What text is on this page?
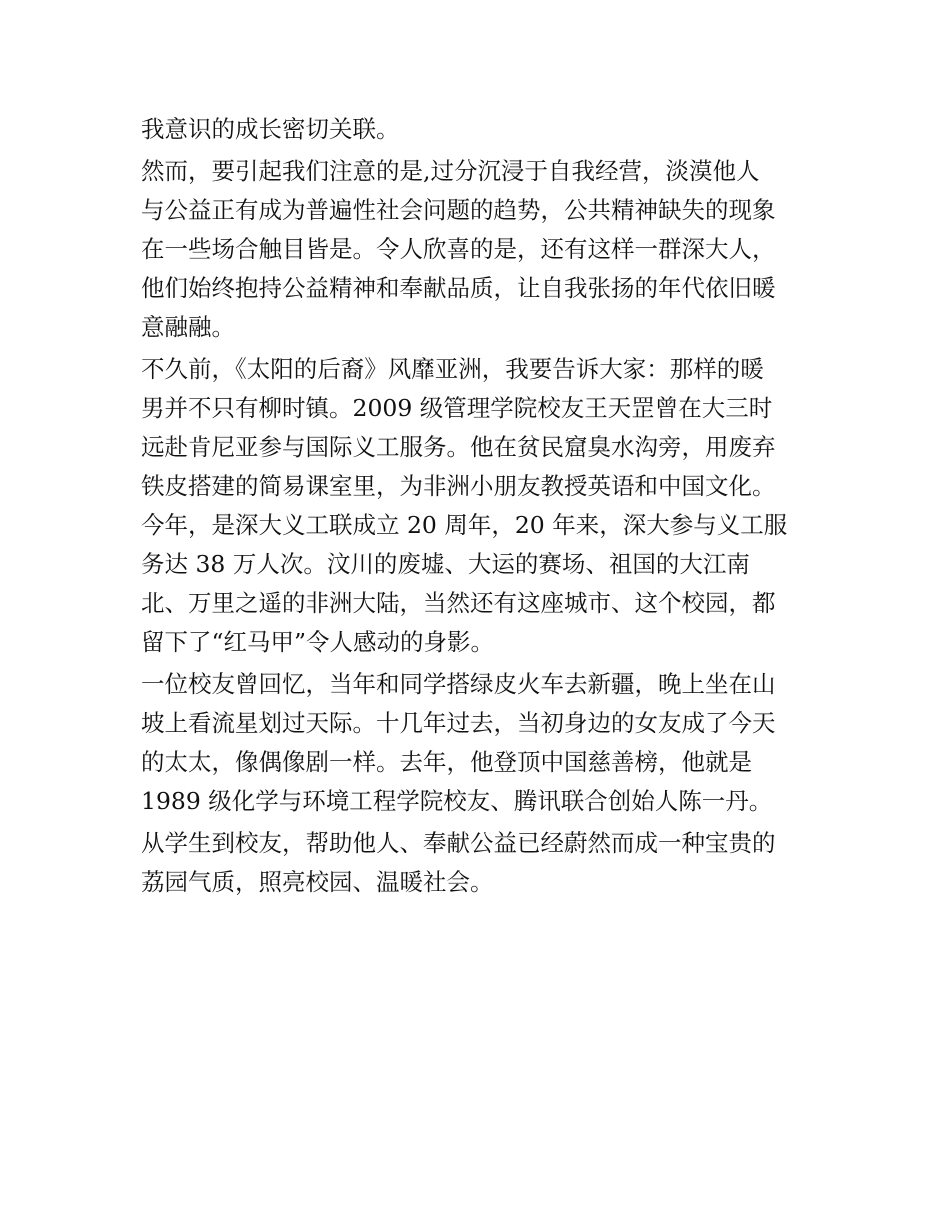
我意识的成长密切关联。
然而，要引起我们注意的是,过分沉浸于自我经营，淡漠他人
与公益正有成为普遍性社会问题的趋势，公共精神缺失的现象
在一些场合触目皆是。令人欣喜的是，还有这样一群深大人，
他们始终抱持公益精神和奉献品质，让自我张扬的年代依旧暖
意融融。
不久前，《太阳的后裔》风靡亚洲，我要告诉大家：那样的暖
男并不只有柳时镇。2009 级管理学院校友王天罡曾在大三时
远赴肯尼亚参与国际义工服务。他在贫民窟臭水沟旁，用废弃
铁皮搭建的简易课室里，为非洲小朋友教授英语和中国文化。
今年，是深大义工联成立 20 周年，20 年来，深大参与义工服
务达 38 万人次。汶川的废墟、大运的赛场、祖国的大江南
北、万里之遥的非洲大陆，当然还有这座城市、这个校园，都
留下了“红马甲”令人感动的身影。
一位校友曾回忆，当年和同学搭绿皮火车去新疆，晚上坐在山
坡上看流星划过天际。十几年过去，当初身边的女友成了今天
的太太，像偶像剧一样。去年，他登顶中国慈善榜，他就是
1989 级化学与环境工程学院校友、腾讯联合创始人陈一丹。
从学生到校友，帮助他人、奉献公益已经蔚然而成一种宝贵的
荔园气质，照亮校园、温暖社会。
